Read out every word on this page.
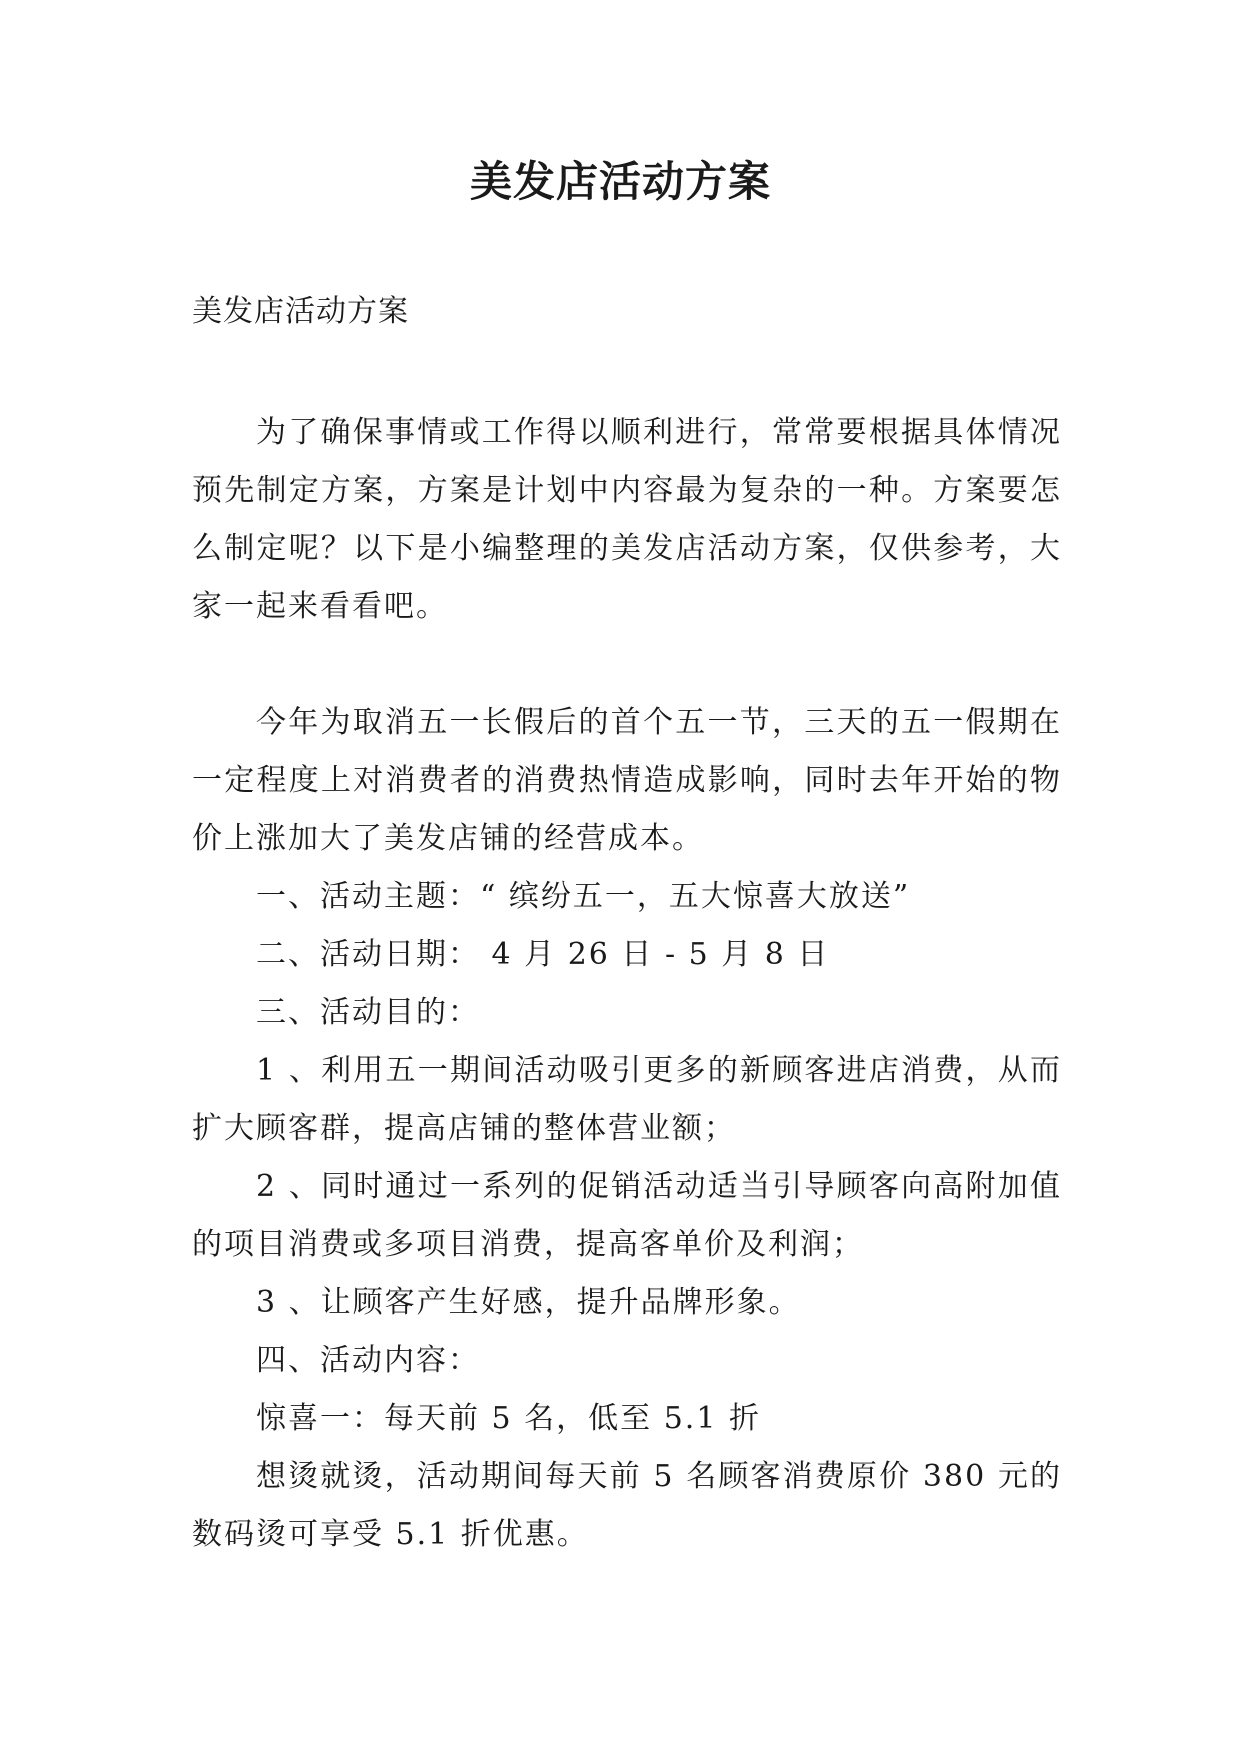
美发店活动方案

美发店活动方案

为了确保事情或工作得以顺利进行，常常要根据具体情况预先制定方案，方案是计划中内容最为复杂的一种。方案要怎么制定呢？以下是小编整理的美发店活动方案，仅供参考，大家一起来看看吧。

今年为取消五一长假后的首个五一节，三天的五一假期在一定程度上对消费者的消费热情造成影响，同时去年开始的物价上涨加大了美发店铺的经营成本。

一、活动主题：“ 缤纷五一，五大惊喜大放送”

二、活动日期： 4 月 26 日 - 5 月 8 日

三、活动目的：

1 、利用五一期间活动吸引更多的新顾客进店消费，从而扩大顾客群，提高店铺的整体营业额；

2 、同时通过一系列的促销活动适当引导顾客向高附加值的项目消费或多项目消费，提高客单价及利润；

3 、让顾客产生好感，提升品牌形象。

四、活动内容：

惊喜一：每天前 5 名，低至 5.1 折

想烫就烫，活动期间每天前 5 名顾客消费原价 380 元的数码烫可享受 5.1 折优惠。
